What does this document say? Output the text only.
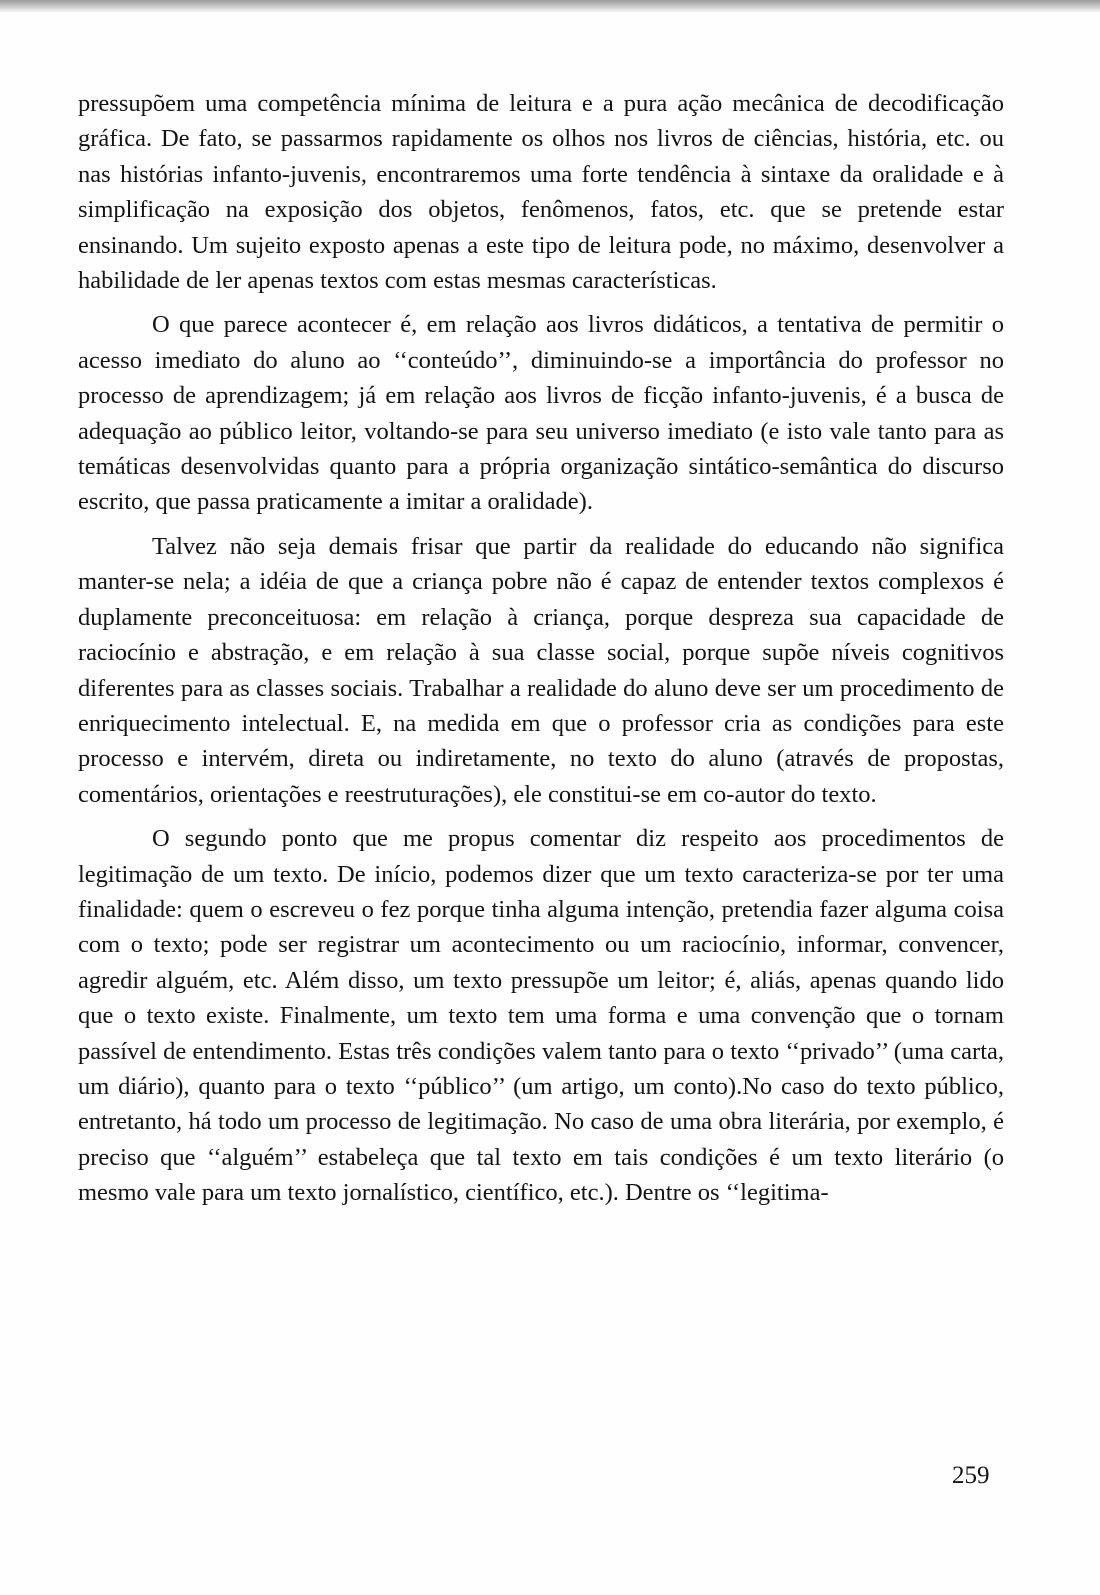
pressupõem uma competência mínima de leitura e a pura ação mecânica de decodificação gráfica. De fato, se passarmos rapidamente os olhos nos livros de ciências, história, etc. ou nas histórias infanto-juvenis, encontraremos uma forte tendência à sintaxe da oralidade e à simplificação na exposição dos objetos, fenômenos, fatos, etc. que se pretende estar ensinando. Um sujeito exposto apenas a este tipo de leitura pode, no máximo, desenvolver a habilidade de ler apenas textos com estas mesmas características.

O que parece acontecer é, em relação aos livros didáticos, a tentativa de permitir o acesso imediato do aluno ao ‘‘conteúdo’’, diminuindo-se a importância do professor no processo de aprendizagem; já em relação aos livros de ficção infanto-juvenis, é a busca de adequação ao público leitor, voltando-se para seu universo imediato (e isto vale tanto para as temáticas desenvolvidas quanto para a própria organização sintático-semântica do discurso escrito, que passa praticamente a imitar a oralidade).

Talvez não seja demais frisar que partir da realidade do educando não significa manter-se nela; a idéia de que a criança pobre não é capaz de entender textos complexos é duplamente preconceituosa: em relação à criança, porque despreza sua capacidade de raciocínio e abstração, e em relação à sua classe social, porque supõe níveis cognitivos diferentes para as classes sociais. Trabalhar a realidade do aluno deve ser um procedimento de enriquecimento intelectual. E, na medida em que o professor cria as condições para este processo e intervém, direta ou indiretamente, no texto do aluno (através de propostas, comentários, orientações e reestruturações), ele constitui-se em co-autor do texto.

O segundo ponto que me propus comentar diz respeito aos procedimentos de legitimação de um texto. De início, podemos dizer que um texto caracteriza-se por ter uma finalidade: quem o escreveu o fez porque tinha alguma intenção, pretendia fazer alguma coisa com o texto; pode ser registrar um acontecimento ou um raciocínio, informar, convencer, agredir alguém, etc. Além disso, um texto pressupõe um leitor; é, aliás, apenas quando lido que o texto existe. Finalmente, um texto tem uma forma e uma convenção que o tornam passível de entendimento. Estas três condições valem tanto para o texto ‘‘privado’’ (uma carta, um diário), quanto para o texto ‘‘público’’ (um artigo, um conto).No caso do texto público, entretanto, há todo um processo de legitimação. No caso de uma obra literária, por exemplo, é preciso que ‘‘alguém’’ estabeleça que tal texto em tais condições é um texto literário (o mesmo vale para um texto jornalístico, científico, etc.). Dentre os ‘‘legitima-

259
